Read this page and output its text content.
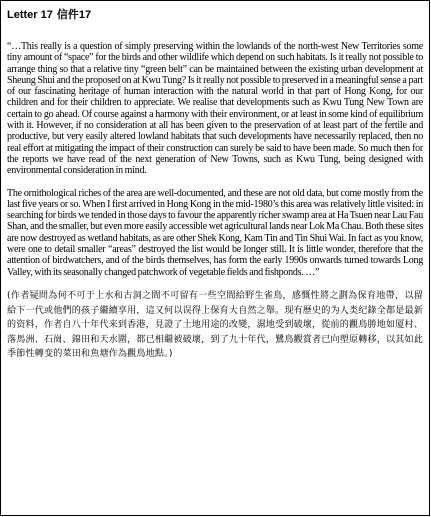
Letter 17 信件17

“…This really is a question of simply preserving within the lowlands of the north-west New Territories some tiny amount of “space” for the birds and other wildlife which depend on such habitats. Is it really not possible to arrange thing so that a relative tiny “green belt” can be maintained between the existing urban development at Sheung Shui and the proposed on at Kwu Tung? Is it really not possible to preserved in a meaningful sense a part of our fascinating heritage of human interaction with the natural world in that part of Hong Kong, for our children and for their children to appreciate. We realise that developments such as Kwu Tung New Town are certain to go ahead. Of course against a harmony with their environment, or at least in some kind of equilibrium with it. However, if no consideration at all has been given to the preservation of at least part of the fertile and productive, but very easily altered lowland habitats that such developments have necessarily replaced, then no real effort at mitigating the impact of their construction can surely be said to have been made. So much then for the reports we have read of the next generation of New Towns, such as Kwu Tung, being designed with environmental consideration in mind.

The ornithological riches of the area are well-documented, and these are not old data, but come mostly from the last five years or so. When I first arrived in Hong Kong in the mid-1980’s this area was relatively little visited: in searching for birds we tended in those days to favour the apparently richer swamp area at Ha Tsuen near Lau Fau Shan, and the smaller, but even more easily accessible wet agricultural lands near Lok Ma Chau. Both these sites are now destroyed as wetland habitats, as are other Shek Kong, Kam Tin and Tin Shui Wai. In fact as you know, were one to detail smaller “areas” destroyed the list would be longer still. It is little wonder, therefore that the attention of birdwatchers, and of the birds themselves, has form the early 1990s onwards turned towards Long Valley, with its seasonally changed patchwork of vegetable fields and fishponds. …”

(作者疑問為何不可于上水和古洞之間不可留有一些空間給野生雀鳥，感慨性將之劃為保育地帶，以留給下一代或他們的孩子繼續享用，這又何以误得上保育大自然之舉。现有歷史的为人类纪錄全都是最新的资料，作者自八十年代来到香港，見證了土地用途的改變，濕地受到破壞，從前的觀鳥勝地如厦村、落馬洲、石崗、錦田和天水圍，都已相繼被破壞，到了九十年代，鷺鳥觀賞者已向塱原轉移，以其如此季節性轉变的菜田和魚塘作為觀鳥地點。)
